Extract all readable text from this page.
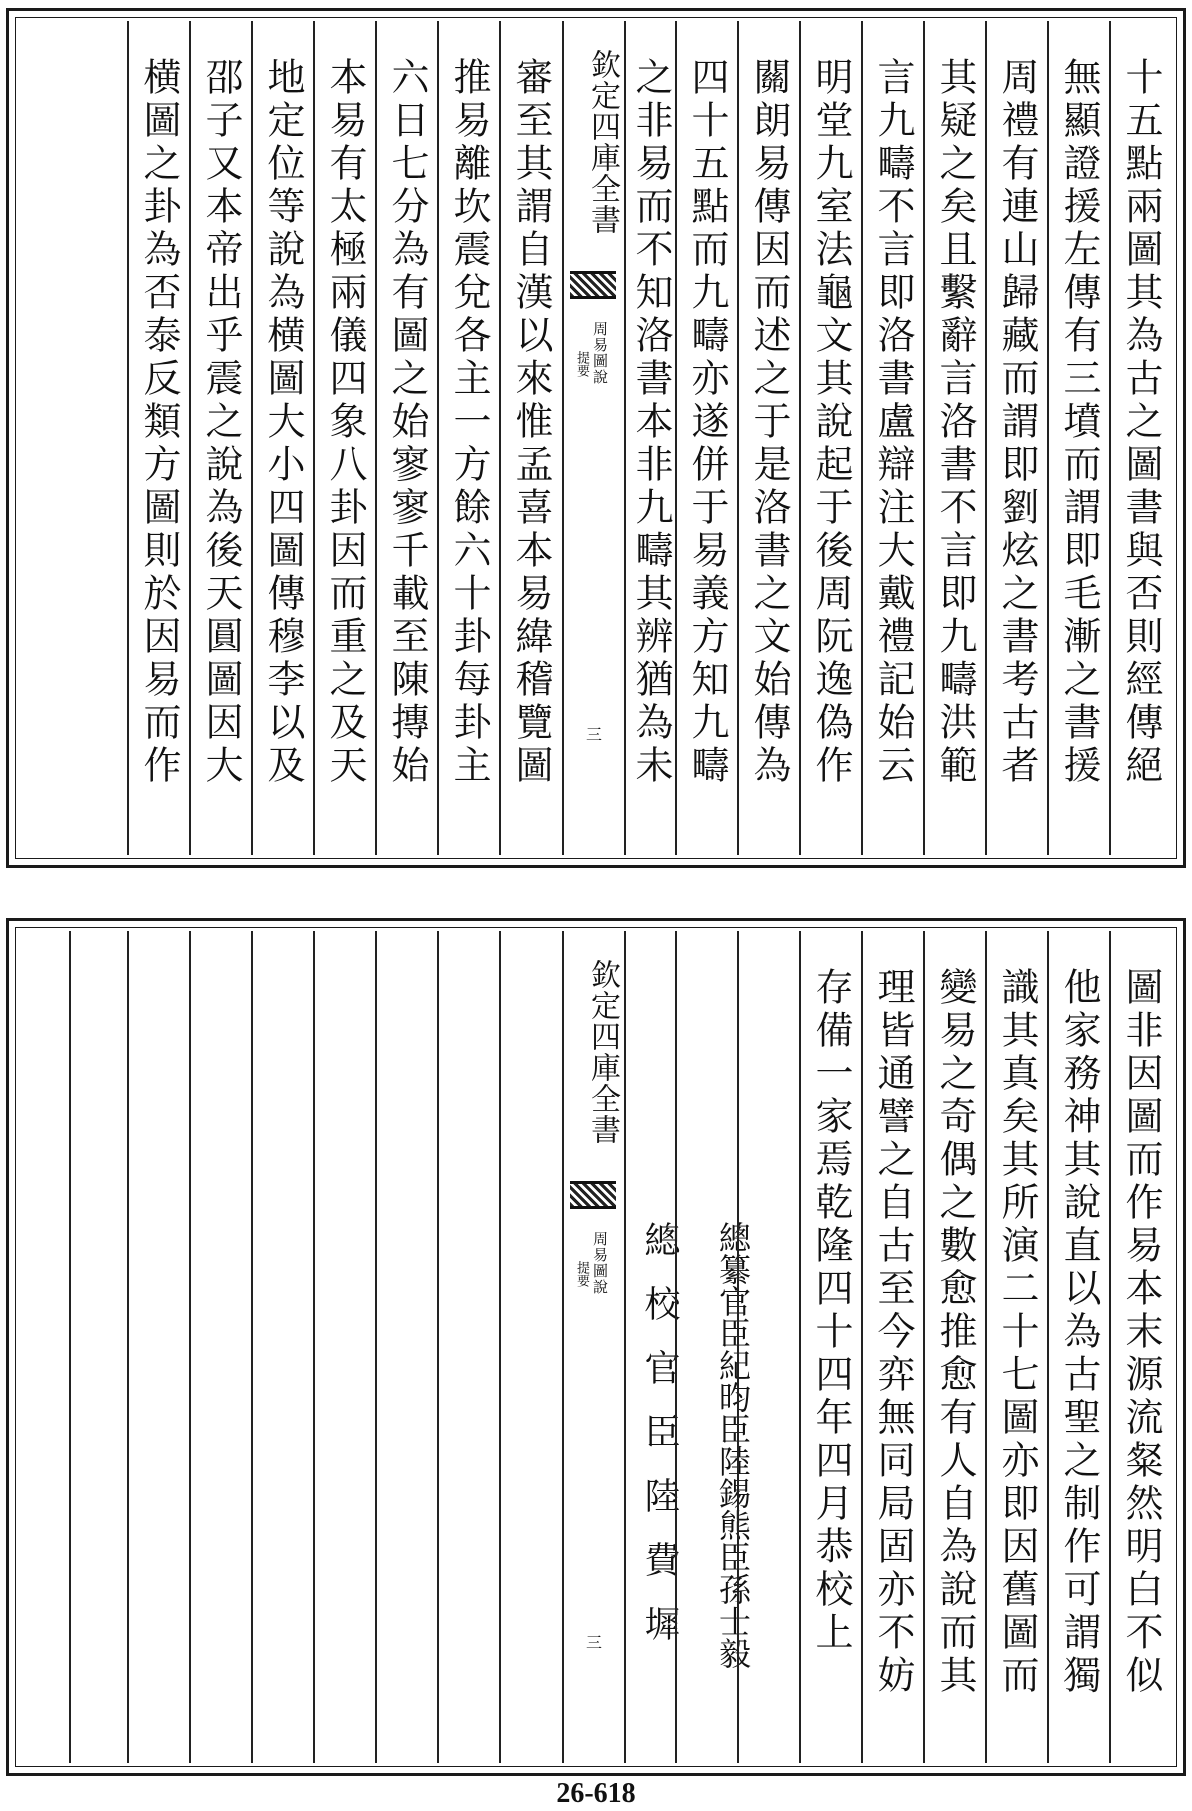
十五點兩圖其為古之圖書與否則經傳絕
無顯證援左傳有三墳而謂即毛漸之書援
周禮有連山歸藏而謂即劉炫之書考古者
其疑之矣且繫辭言洛書不言即九疇洪範
言九疇不言即洛書盧辯注大戴禮記始云
明堂九室法龜文其說起于後周阮逸偽作
關朗易傳因而述之于是洛書之文始傳為
四十五點而九疇亦遂併于易義方知九疇
之非易而不知洛書本非九疇其辨猶為未
欽定四庫全書
周易圖說
提要
三
審至其謂自漢以來惟孟喜本易緯稽覽圖
推易離坎震兌各主一方餘六十卦每卦主
六日七分為有圖之始寥寥千載至陳摶始
本易有太極兩儀四象八卦因而重之及天
地定位等說為横圖大小四圖傳穆李以及
邵子又本帝出乎震之說為後天圓圖因大
横圖之卦為否泰反類方圖則於因易而作
圖非因圖而作易本末源流粲然明白不似
他家務神其說直以為古聖之制作可謂獨
識其真矣其所演二十七圖亦即因舊圖而
變易之奇偶之數愈推愈有人自為說而其
理皆通譬之自古至今弈無同局固亦不妨
存備一家焉乾隆四十四年四月恭校上
總纂官臣紀昀臣陸錫熊臣孫士毅
總校官臣陸費墀
欽定四庫全書
周易圖說
提要
三
26-618
